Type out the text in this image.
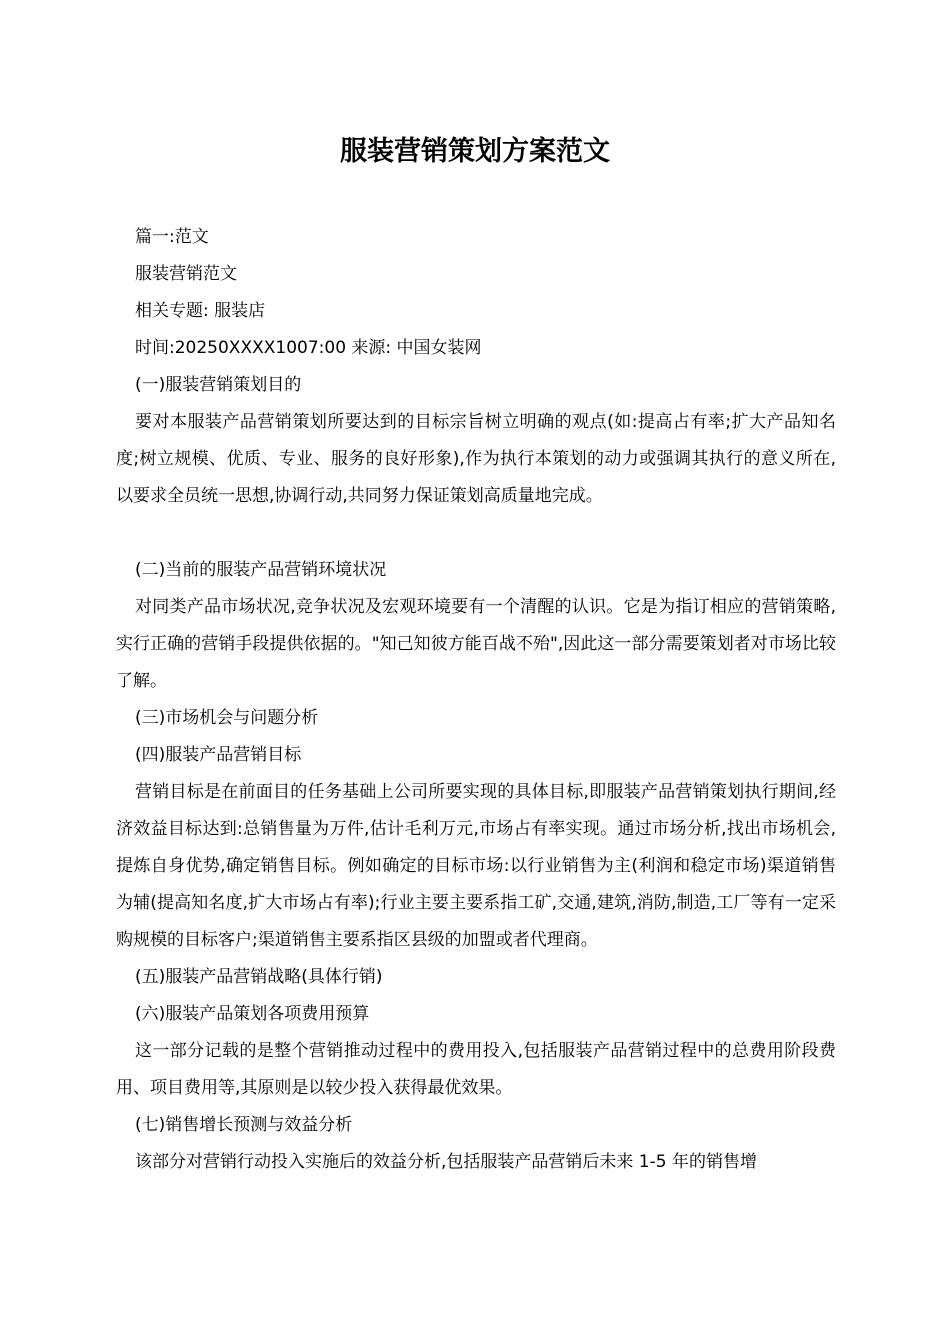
服装营销策划方案范文

篇一:范文

服装营销范文

相关专题: 服装店

时间:20250XXXX1007:00 来源: 中国女装网

(一)服装营销策划目的

要对本服装产品营销策划所要达到的目标宗旨树立明确的观点(如:提高占有率;扩大产品知名度;树立规模、优质、专业、服务的良好形象),作为执行本策划的动力或强调其执行的意义所在,以要求全员统一思想,协调行动,共同努力保证策划高质量地完成。

(二)当前的服装产品营销环境状况

对同类产品市场状况,竞争状况及宏观环境要有一个清醒的认识。它是为指订相应的营销策略,实行正确的营销手段提供依据的。"知己知彼方能百战不殆",因此这一部分需要策划者对市场比较了解。

(三)市场机会与问题分析

(四)服装产品营销目标

营销目标是在前面目的任务基础上公司所要实现的具体目标,即服装产品营销策划执行期间,经济效益目标达到:总销售量为万件,估计毛利万元,市场占有率实现。通过市场分析,找出市场机会,提炼自身优势,确定销售目标。例如确定的目标市场:以行业销售为主(利润和稳定市场)渠道销售为辅(提高知名度,扩大市场占有率);行业主要主要系指工矿,交通,建筑,消防,制造,工厂等有一定采购规模的目标客户;渠道销售主要系指区县级的加盟或者代理商。

(五)服装产品营销战略(具体行销)

(六)服装产品策划各项费用预算

这一部分记载的是整个营销推动过程中的费用投入,包括服装产品营销过程中的总费用阶段费用、项目费用等,其原则是以较少投入获得最优效果。

(七)销售增长预测与效益分析

该部分对营销行动投入实施后的效益分析,包括服装产品营销后未来 1-5 年的销售增
